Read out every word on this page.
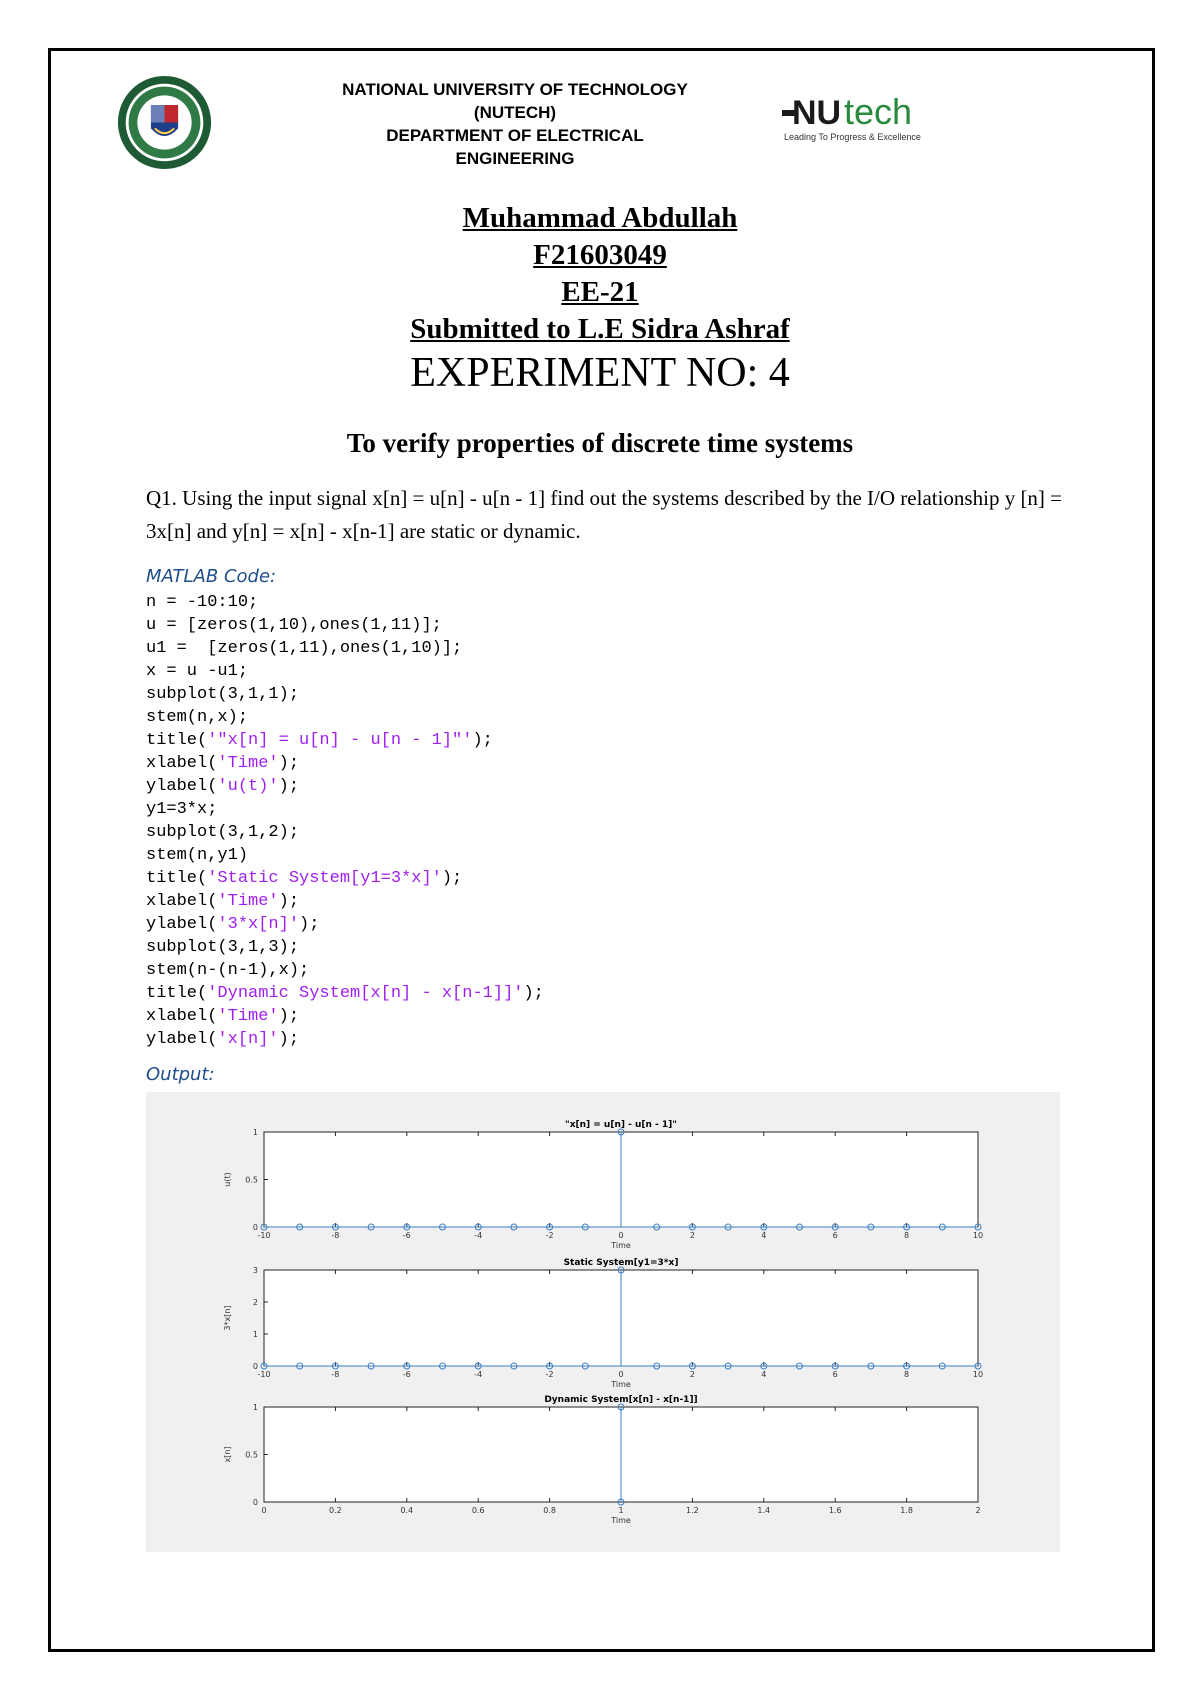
NATIONAL UNIVERSITY OF TECHNOLOGY
(NUTECH)
DEPARTMENT OF ELECTRICAL
ENGINEERING
NU tech
Leading To Progress & Excellence
Muhammad Abdullah
F21603049
EE-21
Submitted to L.E Sidra Ashraf
EXPERIMENT NO: 4
To verify properties of discrete time systems
Q1. Using the input signal x[n] = u[n] - u[n - 1] find out the systems described by the I/O relationship y [n] = 3x[n] and y[n] = x[n] - x[n-1] are static or dynamic.
MATLAB Code:
n = -10:10;
u = [zeros(1,10),ones(1,11)];
u1 =  [zeros(1,11),ones(1,10)];
x = u -u1;
subplot(3,1,1);
stem(n,x);
title('"x[n] = u[n] - u[n - 1]"');
xlabel('Time');
ylabel('u(t)');
y1=3*x;
subplot(3,1,2);
stem(n,y1)
title('Static System[y1=3*x]');
xlabel('Time');
ylabel('3*x[n]');
subplot(3,1,3);
stem(n-(n-1),x);
title('Dynamic System[x[n] - x[n-1]]');
xlabel('Time');
ylabel('x[n]');
Output:
-10	-8	-6	-4	-2	0	2	4	6	8	10
0
0.5
1
"x[n] = u[n] - u[n - 1]"
Time
u(t)
-10	-8	-6	-4	-2	0	2	4	6	8	10
0
1
2
3
Static System[y1=3*x]
Time
3*x[n]
0	0.2	0.4	0.6	0.8	1	1.2	1.4	1.6	1.8	2
0
0.5
1
Dynamic System[x[n] - x[n-1]]
Time
x[n]
